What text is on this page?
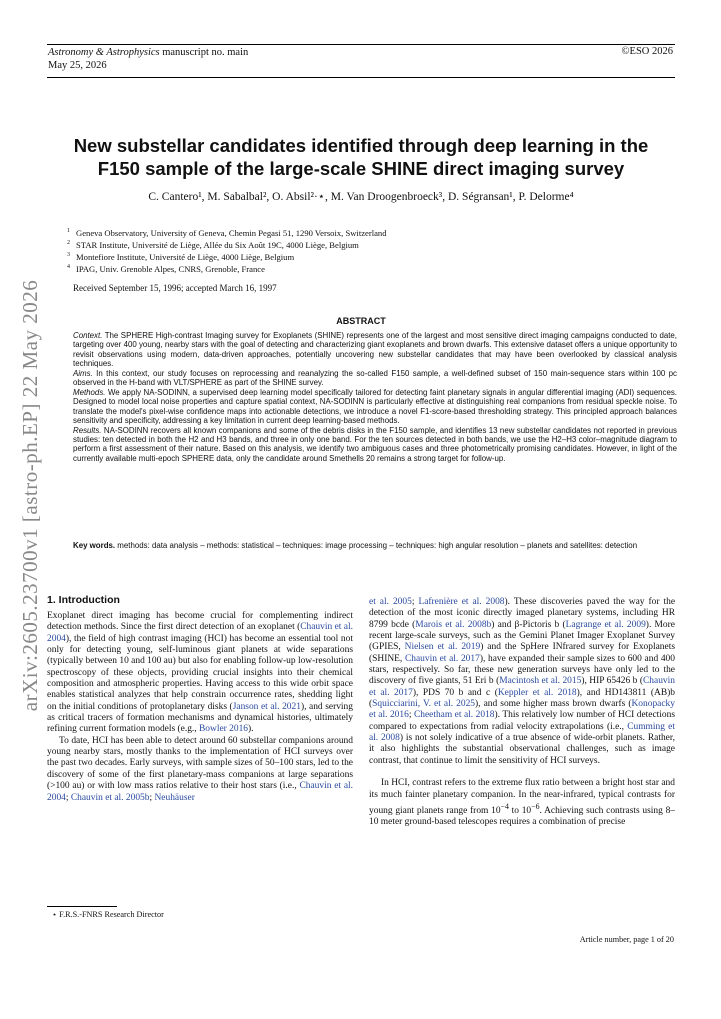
arXiv:2605.23700v1 [astro-ph.EP] 22 May 2026
Astronomy & Astrophysics manuscript no. main
May 25, 2026
©ESO 2026
New substellar candidates identified through deep learning in the
F150 sample of the large-scale SHINE direct imaging survey
C. Cantero¹, M. Sabalbal², O. Absil²·⋆, M. Van Droogenbroeck³, D. Ségransan¹, P. Delorme⁴
$^1$ Geneva Observatory, University of Geneva, Chemin Pegasi 51, 1290 Versoix, Switzerland
$^2$ STAR Institute, Université de Liège, Allée du Six Août 19C, 4000 Liège, Belgium
$^3$ Montefiore Institute, Université de Liège, 4000 Liège, Belgium
$^4$ IPAG, Univ. Grenoble Alpes, CNRS, Grenoble, France
Received September 15, 1996; accepted March 16, 1997
ABSTRACT

Context. The SPHERE High-contrast Imaging survey for Exoplanets (SHINE) represents one of the largest and most sensitive direct imaging campaigns conducted to date, targeting over 400 young, nearby stars with the goal of detecting and characterizing giant exoplanets and brown dwarfs. This extensive dataset offers a unique opportunity to revisit observations using modern, data-driven approaches, potentially uncovering new substellar candidates that may have been overlooked by classical analysis techniques.

Aims. In this context, our study focuses on reprocessing and reanalyzing the so-called F150 sample, a well-defined subset of 150 main-sequence stars within 100 pc observed in the H-band with VLT/SPHERE as part of the SHINE survey.

Methods. We apply NA-SODINN, a supervised deep learning model specifically tailored for detecting faint planetary signals in angular differential imaging (ADI) sequences. Designed to model local noise properties and capture spatial context, NA-SODINN is particularly effective at distinguishing real companions from residual speckle noise. To translate the model's pixel-wise confidence maps into actionable detections, we introduce a novel F1-score-based thresholding strategy. This principled approach balances sensitivity and specificity, addressing a key limitation in current deep learning-based methods.

Results. NA-SODINN recovers all known companions and some of the debris disks in the F150 sample, and identifies 13 new substellar candidates not reported in previous studies: ten detected in both the H2 and H3 bands, and three in only one band. For the ten sources detected in both bands, we use the H2–H3 color–magnitude diagram to perform a first assessment of their nature. Based on this analysis, we identify two ambiguous cases and three photometrically promising candidates. However, in light of the currently available multi-epoch SPHERE data, only the candidate around Smethells 20 remains a strong target for follow-up.

Key words. methods: data analysis – methods: statistical – techniques: image processing – techniques: high angular resolution – planets and satellites: detection
1. Introduction

Exoplanet direct imaging has become crucial for complementing indirect detection methods. Since the first direct detection of an exoplanet (Chauvin et al. 2004), the field of high contrast imaging (HCI) has become an essential tool not only for detecting young, self-luminous giant planets at wide separations (typically between 10 and 100 au) but also for enabling follow-up low-resolution spectroscopy of these objects, providing crucial insights into their chemical composition and atmospheric properties. Having access to this wide orbit space enables statistical analyzes that help constrain occurrence rates, shedding light on the initial conditions of protoplanetary disks (Janson et al. 2021), and serving as critical tracers of formation mechanisms and dynamical histories, ultimately refining current formation models (e.g., Bowler 2016).

To date, HCI has been able to detect around 60 substellar companions around young nearby stars, mostly thanks to the implementation of HCI surveys over the past two decades. Early surveys, with sample sizes of 50–100 stars, led to the discovery of some of the first planetary-mass companions at large separations (>100 au) or with low mass ratios relative to their host stars (i.e., Chauvin et al. 2004; Chauvin et al. 2005b; Neuhäuser

et al. 2005; Lafrenière et al. 2008). These discoveries paved the way for the detection of the most iconic directly imaged planetary systems, including HR 8799 bcde (Marois et al. 2008b) and β-Pictoris b (Lagrange et al. 2009). More recent large-scale surveys, such as the Gemini Planet Imager Exoplanet Survey (GPIES, Nielsen et al. 2019) and the SpHere INfrared survey for Exoplanets (SHINE, Chauvin et al. 2017), have expanded their sample sizes to 600 and 400 stars, respectively. So far, these new generation surveys have only led to the discovery of five giants, 51 Eri b (Macintosh et al. 2015), HIP 65426 b (Chauvin et al. 2017), PDS 70 b and c (Keppler et al. 2018), and HD143811 (AB)b (Squicciarini, V. et al. 2025), and some higher mass brown dwarfs (Konopacky et al. 2016; Cheetham et al. 2018). This relatively low number of HCI detections compared to expectations from radial velocity extrapolations (i.e., Cumming et al. 2008) is not solely indicative of a true absence of wide-orbit planets. Rather, it also highlights the substantial observational challenges, such as image contrast, that continue to limit the sensitivity of HCI surveys.

In HCI, contrast refers to the extreme flux ratio between a bright host star and its much fainter planetary companion. In the near-infrared, typical contrasts for young giant planets range from $10^{-4}$ to $10^{-6}$. Achieving such contrasts using 8–10 meter ground-based telescopes requires a combination of precise

⋆ F.R.S.-FNRS Research Director
Article number, page 1 of 20
